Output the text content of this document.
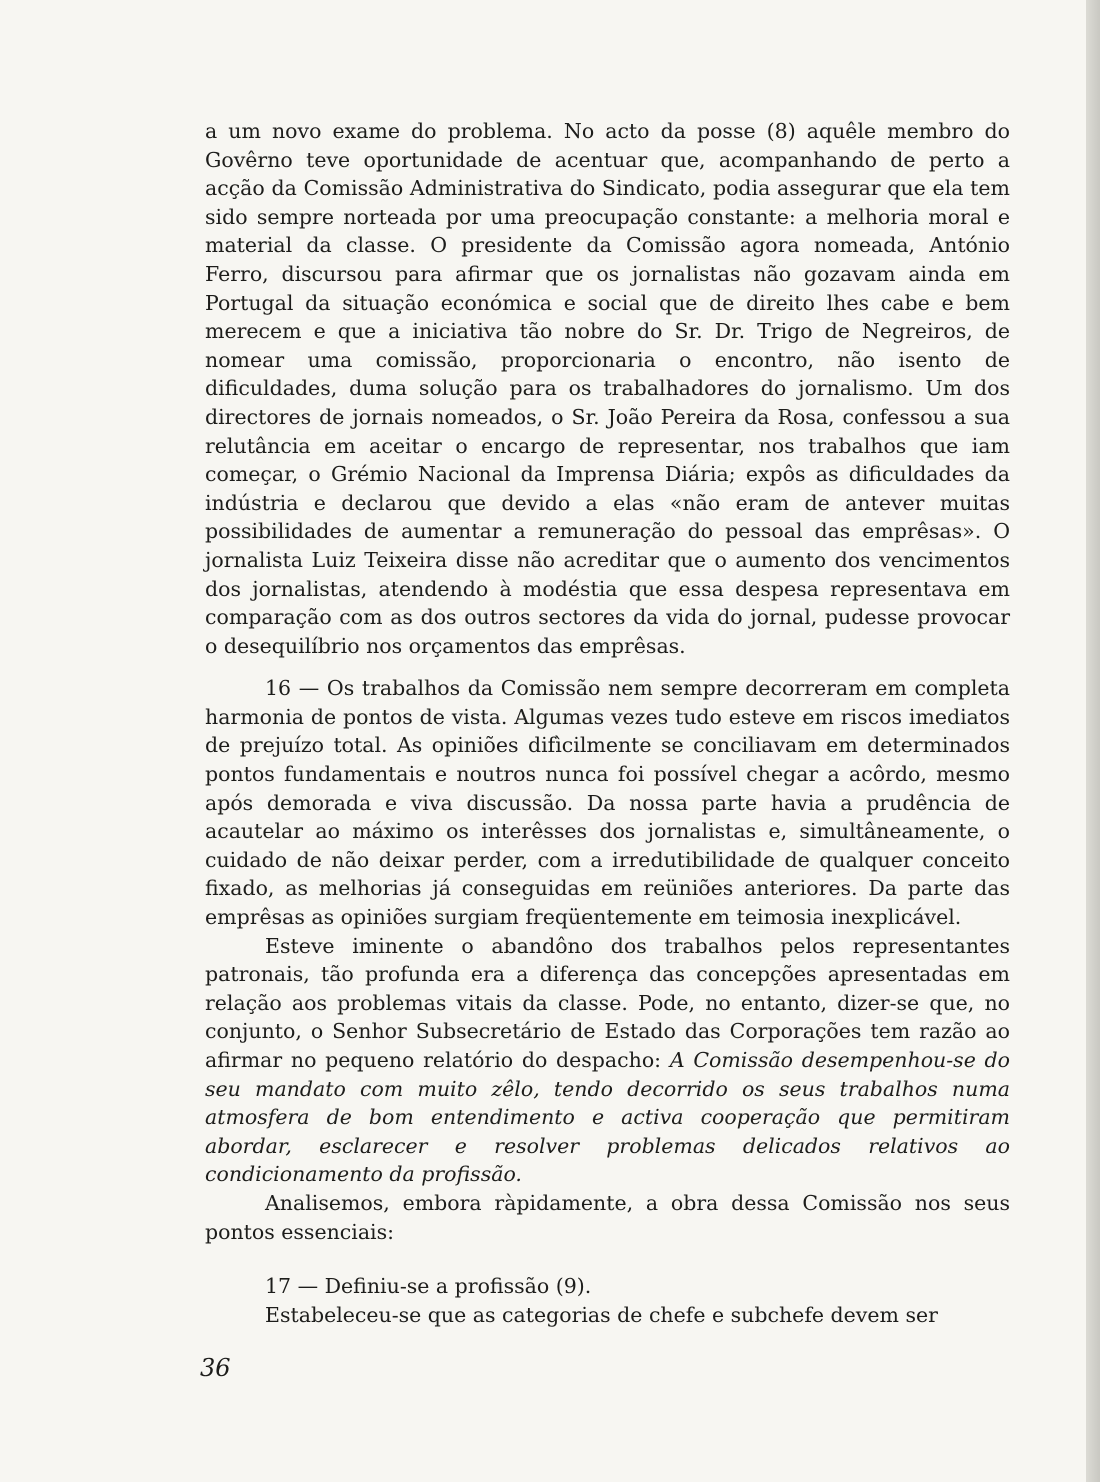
a um novo exame do problema. No acto da posse (8) aquêle membro do Govêrno teve oportunidade de acentuar que, acompanhando de perto a acção da Comissão Administrativa do Sindicato, podia assegurar que ela tem sido sempre norteada por uma preocupação constante: a melhoria moral e material da classe. O presidente da Comissão agora nomeada, António Ferro, discursou para afirmar que os jornalistas não gozavam ainda em Portugal da situação económica e social que de direito lhes cabe e bem merecem e que a iniciativa tão nobre do Sr. Dr. Trigo de Negreiros, de nomear uma comissão, proporcionaria o encontro, não isento de dificuldades, duma solução para os trabalhadores do jornalismo. Um dos directores de jornais nomeados, o Sr. João Pereira da Rosa, confessou a sua relutância em aceitar o encargo de representar, nos trabalhos que iam começar, o Grémio Nacional da Imprensa Diária; expôs as dificuldades da indústria e declarou que devido a elas «não eram de antever muitas possibilidades de aumentar a remuneração do pessoal das emprêsas». O jornalista Luiz Teixeira disse não acreditar que o aumento dos vencimentos dos jornalistas, atendendo à modéstia que essa despesa representava em comparação com as dos outros sectores da vida do jornal, pudesse provocar o desequilíbrio nos orçamentos das emprêsas.

16 — Os trabalhos da Comissão nem sempre decorreram em completa harmonia de pontos de vista. Algumas vezes tudo esteve em riscos imediatos de prejuízo total. As opiniões difìcilmente se conciliavam em determinados pontos fundamentais e noutros nunca foi possível chegar a acôrdo, mesmo após demorada e viva discussão. Da nossa parte havia a prudência de acautelar ao máximo os interêsses dos jornalistas e, simultâneamente, o cuidado de não deixar perder, com a irredutibilidade de qualquer conceito fixado, as melhorias já conseguidas em reüniões anteriores. Da parte das emprêsas as opiniões surgiam freqüentemente em teimosia inexplicável.

Esteve iminente o abandôno dos trabalhos pelos representantes patronais, tão profunda era a diferença das concepções apresentadas em relação aos problemas vitais da classe. Pode, no entanto, dizer-se que, no conjunto, o Senhor Subsecretário de Estado das Corporações tem razão ao afirmar no pequeno relatório do despacho: A Comissão desempenhou-se do seu mandato com muito zêlo, tendo decorrido os seus trabalhos numa atmosfera de bom entendimento e activa cooperação que permitiram abordar, esclarecer e resolver problemas delicados relativos ao condicionamento da profissão.

Analisemos, embora ràpidamente, a obra dessa Comissão nos seus pontos essenciais:

17 — Definiu-se a profissão (9).

Estabeleceu-se que as categorias de chefe e subchefe devem ser

36
